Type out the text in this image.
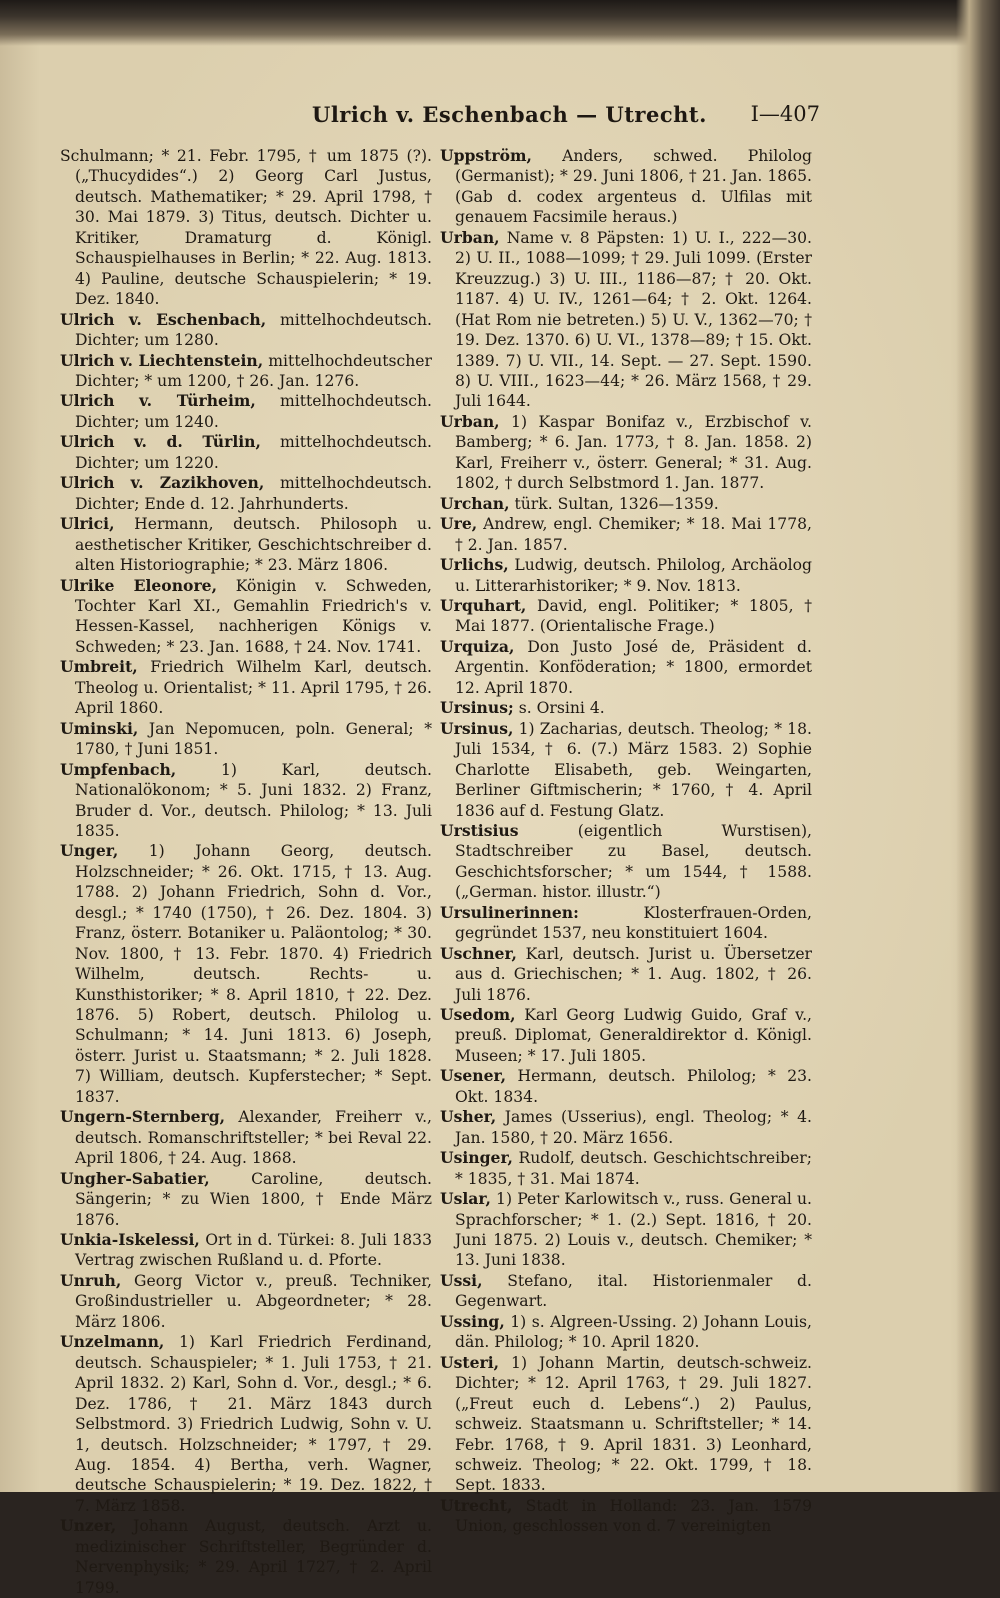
Ulrich v. Eschenbach — Utrecht. I—407

Schulmann; * 21. Febr. 1795, † um 1875 (?). („Thucydides“.) 2) Georg Carl Justus, deutsch. Mathematiker; * 29. April 1798, † 30. Mai 1879. 3) Titus, deutsch. Dichter u. Kritiker, Dramaturg d. Königl. Schauspielhauses in Berlin; * 22. Aug. 1813. 4) Pauline, deutsche Schauspielerin; * 19. Dez. 1840.

Ulrich v. Eschenbach, mittelhochdeutsch. Dichter; um 1280.

Ulrich v. Liechtenstein, mittelhochdeutscher Dichter; * um 1200, † 26. Jan. 1276.

Ulrich v. Türheim, mittelhochdeutsch. Dichter; um 1240.

Ulrich v. d. Türlin, mittelhochdeutsch. Dichter; um 1220.

Ulrich v. Zazikhoven, mittelhochdeutsch. Dichter; Ende d. 12. Jahrhunderts.

Ulrici, Hermann, deutsch. Philosoph u. aesthetischer Kritiker, Geschichtschreiber d. alten Historiographie; * 23. März 1806.

Ulrike Eleonore, Königin v. Schweden, Tochter Karl XI., Gemahlin Friedrich's v. Hessen-Kassel, nachherigen Königs v. Schweden; * 23. Jan. 1688, † 24. Nov. 1741.

Umbreit, Friedrich Wilhelm Karl, deutsch. Theolog u. Orientalist; * 11. April 1795, † 26. April 1860.

Uminski, Jan Nepomucen, poln. General; * 1780, † Juni 1851.

Umpfenbach, 1) Karl, deutsch. Nationalökonom; * 5. Juni 1832. 2) Franz, Bruder d. Vor., deutsch. Philolog; * 13. Juli 1835.

Unger, 1) Johann Georg, deutsch. Holzschneider; * 26. Okt. 1715, † 13. Aug. 1788. 2) Johann Friedrich, Sohn d. Vor., desgl.; * 1740 (1750), † 26. Dez. 1804. 3) Franz, österr. Botaniker u. Paläontolog; * 30. Nov. 1800, † 13. Febr. 1870. 4) Friedrich Wilhelm, deutsch. Rechts- u. Kunsthistoriker; * 8. April 1810, † 22. Dez. 1876. 5) Robert, deutsch. Philolog u. Schulmann; * 14. Juni 1813. 6) Joseph, österr. Jurist u. Staatsmann; * 2. Juli 1828. 7) William, deutsch. Kupferstecher; * Sept. 1837.

Ungern-Sternberg, Alexander, Freiherr v., deutsch. Romanschriftsteller; * bei Reval 22. April 1806, † 24. Aug. 1868.

Ungher-Sabatier, Caroline, deutsch. Sängerin; * zu Wien 1800, † Ende März 1876.

Unkia-Iskelessi, Ort in d. Türkei: 8. Juli 1833 Vertrag zwischen Rußland u. d. Pforte.

Unruh, Georg Victor v., preuß. Techniker, Großindustrieller u. Abgeordneter; * 28. März 1806.

Unzelmann, 1) Karl Friedrich Ferdinand, deutsch. Schauspieler; * 1. Juli 1753, † 21. April 1832. 2) Karl, Sohn d. Vor., desgl.; * 6. Dez. 1786, † 21. März 1843 durch Selbstmord. 3) Friedrich Ludwig, Sohn v. U. 1, deutsch. Holzschneider; * 1797, † 29. Aug. 1854. 4) Bertha, verh. Wagner, deutsche Schauspielerin; * 19. Dez. 1822, † 7. März 1858.

Unzer, Johann August, deutsch. Arzt u. medizinischer Schriftsteller, Begründer d. Nervenphysik; * 29. April 1727, † 2. April 1799.

Uppström, Anders, schwed. Philolog (Germanist); * 29. Juni 1806, † 21. Jan. 1865. (Gab d. codex argenteus d. Ulfilas mit genauem Facsimile heraus.)

Urban, Name v. 8 Päpsten: 1) U. I., 222—30. 2) U. II., 1088—1099; † 29. Juli 1099. (Erster Kreuzzug.) 3) U. III., 1186—87; † 20. Okt. 1187. 4) U. IV., 1261—64; † 2. Okt. 1264. (Hat Rom nie betreten.) 5) U. V., 1362—70; † 19. Dez. 1370. 6) U. VI., 1378—89; † 15. Okt. 1389. 7) U. VII., 14. Sept. — 27. Sept. 1590. 8) U. VIII., 1623—44; * 26. März 1568, † 29. Juli 1644.

Urban, 1) Kaspar Bonifaz v., Erzbischof v. Bamberg; * 6. Jan. 1773, † 8. Jan. 1858. 2) Karl, Freiherr v., österr. General; * 31. Aug. 1802, † durch Selbstmord 1. Jan. 1877.

Urchan, türk. Sultan, 1326—1359.

Ure, Andrew, engl. Chemiker; * 18. Mai 1778, † 2. Jan. 1857.

Urlichs, Ludwig, deutsch. Philolog, Archäolog u. Litterarhistoriker; * 9. Nov. 1813.

Urquhart, David, engl. Politiker; * 1805, † Mai 1877. (Orientalische Frage.)

Urquiza, Don Justo José de, Präsident d. Argentin. Konföderation; * 1800, ermordet 12. April 1870.

Ursinus; s. Orsini 4.

Ursinus, 1) Zacharias, deutsch. Theolog; * 18. Juli 1534, † 6. (7.) März 1583. 2) Sophie Charlotte Elisabeth, geb. Weingarten, Berliner Giftmischerin; * 1760, † 4. April 1836 auf d. Festung Glatz.

Urstisius (eigentlich Wurstisen), Stadtschreiber zu Basel, deutsch. Geschichtsforscher; * um 1544, † 1588. („German. histor. illustr.“)

Ursulinerinnen: Klosterfrauen-Orden, gegründet 1537, neu konstituiert 1604.

Uschner, Karl, deutsch. Jurist u. Übersetzer aus d. Griechischen; * 1. Aug. 1802, † 26. Juli 1876.

Usedom, Karl Georg Ludwig Guido, Graf v., preuß. Diplomat, Generaldirektor d. Königl. Museen; * 17. Juli 1805.

Usener, Hermann, deutsch. Philolog; * 23. Okt. 1834.

Usher, James (Usserius), engl. Theolog; * 4. Jan. 1580, † 20. März 1656.

Usinger, Rudolf, deutsch. Geschichtschreiber; * 1835, † 31. Mai 1874.

Uslar, 1) Peter Karlowitsch v., russ. General u. Sprachforscher; * 1. (2.) Sept. 1816, † 20. Juni 1875. 2) Louis v., deutsch. Chemiker; * 13. Juni 1838.

Ussi, Stefano, ital. Historienmaler d. Gegenwart.

Ussing, 1) s. Algreen-Ussing. 2) Johann Louis, dän. Philolog; * 10. April 1820.

Usteri, 1) Johann Martin, deutsch-schweiz. Dichter; * 12. April 1763, † 29. Juli 1827. („Freut euch d. Lebens“.) 2) Paulus, schweiz. Staatsmann u. Schriftsteller; * 14. Febr. 1768, † 9. April 1831. 3) Leonhard, schweiz. Theolog; * 22. Okt. 1799, † 18. Sept. 1833.

Utrecht, Stadt in Holland: 23. Jan. 1579 Union, geschlossen von d. 7 vereinigten
